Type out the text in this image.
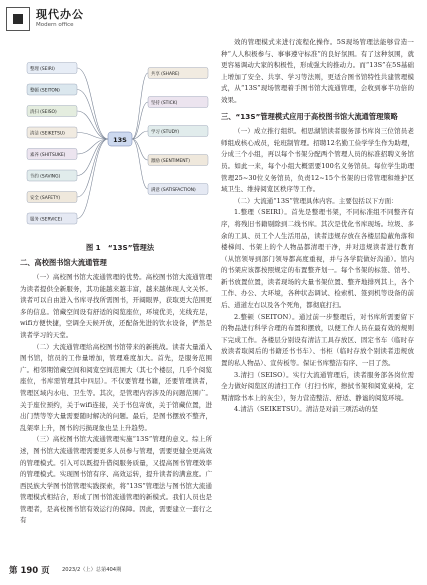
现代办公
Modern office
整理 (SEIRI)
整顿 (SEITON)
清扫 (SEISO)
清洁 (SEIKETSU)
素养 (SHITSUKE)
节约 (SAVING)
安全 (SAFETY)
服务 (SERVICE)
共享 (SHARE)
坚持 (STICK)
学习 (STUDY)
激励 (SENTIMENT)
满意 (SATISFACTION)
13S
图 1　“13S”管理法
二、高校图书馆大流通管理

（一）高校图书馆大流通管理的优势。高校图书馆大流通管理为读者提供全新服务，其功能越来越丰富，越来越体现人文关怀。读者可以自由进入书库寻找所需图书，开阔眼界，获取更大范围更多的信息。馆藏空间设有舒适的阅览座位，环境优美，光线充足，wifi方便快捷，空调全天候开放，还配备先进的饮水设备，俨然是读者学习的天堂。

（二）大流通管理给高校图书馆带来的新挑战。读者大量涌入图书馆，馆员的工作量增加，管理难度加大。首先，是服务范围广。相邻期馆藏空间和阅览空间范围大（其七个楼层，几乎个阅览座位，书库需管理其中四层）。不仅要管理书籍，还要管理读者，管理区域内水电、卫生等。其次，是管理内容涉及的问题范围广。关于座位预约，关于wifi连接，关于书包寄放，关于馆藏位置，进出门禁等等大量需要随时解决的问题。最后，是图书摆放不整齐，乱架率上升，图书的污损现象也呈上升趋势。

（三）高校图书馆大流通管理实施“13S”管理的意义。综上所述，图书馆大流通管理需要更多人员参与管理，需要更健全更高效的管理模式。引入可以既提升借阅服务质量，又提高图书管理效率的管理模式。实现图书馆有序、高效运转，提升读者的满意度。广西民族大学图书馆管理实践探索，将“13S”管理法与图书馆大流通管理模式相结合，形成了图书馆流通管理的新模式。我们人员也是管理者，是高校图书馆有效运行的保障。因此，需要建立一套行之有

效的管理模式来进行流程化操作。5S现场管理法能够营造一种“人人积极参与、事事遵守标准”的良好氛围。有了这种氛围，就更容易调动大家的积极性，形成强大的推动力。而“13S”在5S基础上增加了安全、共享、学习等法则，更适合图书馆特性共建管理模式，从“13S”现场管理着手图书馆大流通管理，会收到事半功倍的效果。

三、“13S”管理模式应用于高校图书馆大流通管理策略

（一）成立推行组织。相思湖馆读者服务部书库岗三位馆员老师组成核心成员，轮班制管理。招聘12名勤工俭学学生作为助理，分成三个小组，再以每个书架分配两个管理人员的标准招聘义务馆员。如此一来，每个小组大概需要100名义务馆员。每位学生助理管理25~30位义务馆员，负责12~15个书架的日常管理和维护区域卫生、维持阅览区秩序等工作。

（二）大流通“13S”管理具体内容。主要包括以下方面：

1.整理（SEIRI）。首先是整理书架，不同标准组不同整齐有序，将残旧书籍剔除到二线书库。其次是优化书库现场。垃圾、多余的工具、员工个人生活用品，读者违规存放在各楼层隐蔽角落和楼梯间、书架上的个人物品都清理干净，并对违规读者进行教育（从馆领导到部门领导都高度重视，并与各学院做好沟通）。馆内的书架应该都按照规定的布置整齐划一。每个书架的标签、馆号、新书放置位置，读者现场的大量书架位置、整齐地排列其上，各个工作、办公、大环境，各种状态调试、检索机、签到机等设备的前后、道道左右以及各个死角，都彻底打扫。

2.整顿（SEITON）。通过前一步整理后，对书库所需要留下的物品进行科学合理的布置和摆放，以便工作人员在最有效的规则下完成工作。各楼层分别设有清洁工具存放区、固定书车（临时存放读者取阅后的书籍还书书车）、书柜（临时存放个别读者违规放置的私人物品）、宣传板等。保证书库整洁有序、一目了然。

3.清扫（SEISO）。实行大流通管理后，读者服务部各岗位需全力做好阅览区的清扫工作（打扫书库，擦拭书架和阅览桌椅，定期清除书本上的灰尘），努力营造整洁、舒适、静谧的阅览环境。

4.清洁（SEIKETSU）。清洁是对前三项活动的坚

第 190 页 2023/2（上）总第404期
